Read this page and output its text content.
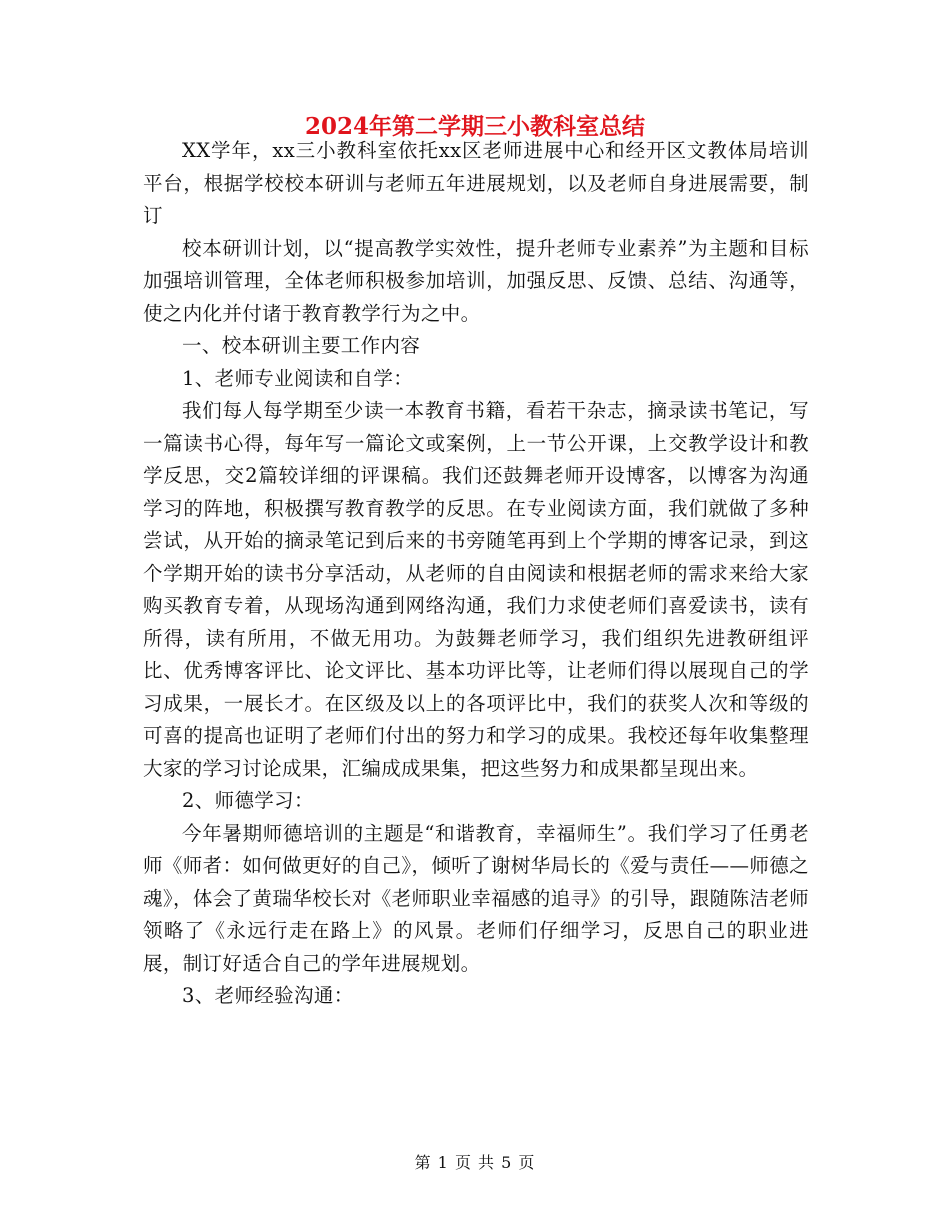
2024年第二学期三小教科室总结

XX学年，xx三小教科室依托xx区老师进展中心和经开区文教体局培训平台，根据学校校本研训与老师五年进展规划，以及老师自身进展需要，制订

校本研训计划，以“提高教学实效性，提升老师专业素养”为主题和目标加强培训管理，全体老师积极参加培训，加强反思、反馈、总结、沟通等，使之内化并付诸于教育教学行为之中。

一、校本研训主要工作内容

1、老师专业阅读和自学：

我们每人每学期至少读一本教育书籍，看若干杂志，摘录读书笔记，写一篇读书心得，每年写一篇论文或案例，上一节公开课，上交教学设计和教学反思，交2篇较详细的评课稿。我们还鼓舞老师开设博客，以博客为沟通学习的阵地，积极撰写教育教学的反思。在专业阅读方面，我们就做了多种尝试，从开始的摘录笔记到后来的书旁随笔再到上个学期的博客记录，到这个学期开始的读书分享活动，从老师的自由阅读和根据老师的需求来给大家购买教育专着，从现场沟通到网络沟通，我们力求使老师们喜爱读书，读有所得，读有所用，不做无用功。为鼓舞老师学习，我们组织先进教研组评比、优秀博客评比、论文评比、基本功评比等，让老师们得以展现自己的学习成果，一展长才。在区级及以上的各项评比中，我们的获奖人次和等级的可喜的提高也证明了老师们付出的努力和学习的成果。我校还每年收集整理大家的学习讨论成果，汇编成成果集，把这些努力和成果都呈现出来。

2、师德学习：

今年暑期师德培训的主题是“和谐教育，幸福师生”。我们学习了任勇老师《师者：如何做更好的自己》，倾听了谢树华局长的《爱与责任——师德之魂》，体会了黄瑞华校长对《老师职业幸福感的追寻》的引导，跟随陈洁老师领略了《永远行走在路上》的风景。老师们仔细学习，反思自己的职业进展，制订好适合自己的学年进展规划。

3、老师经验沟通：

第 1 页 共 5 页
